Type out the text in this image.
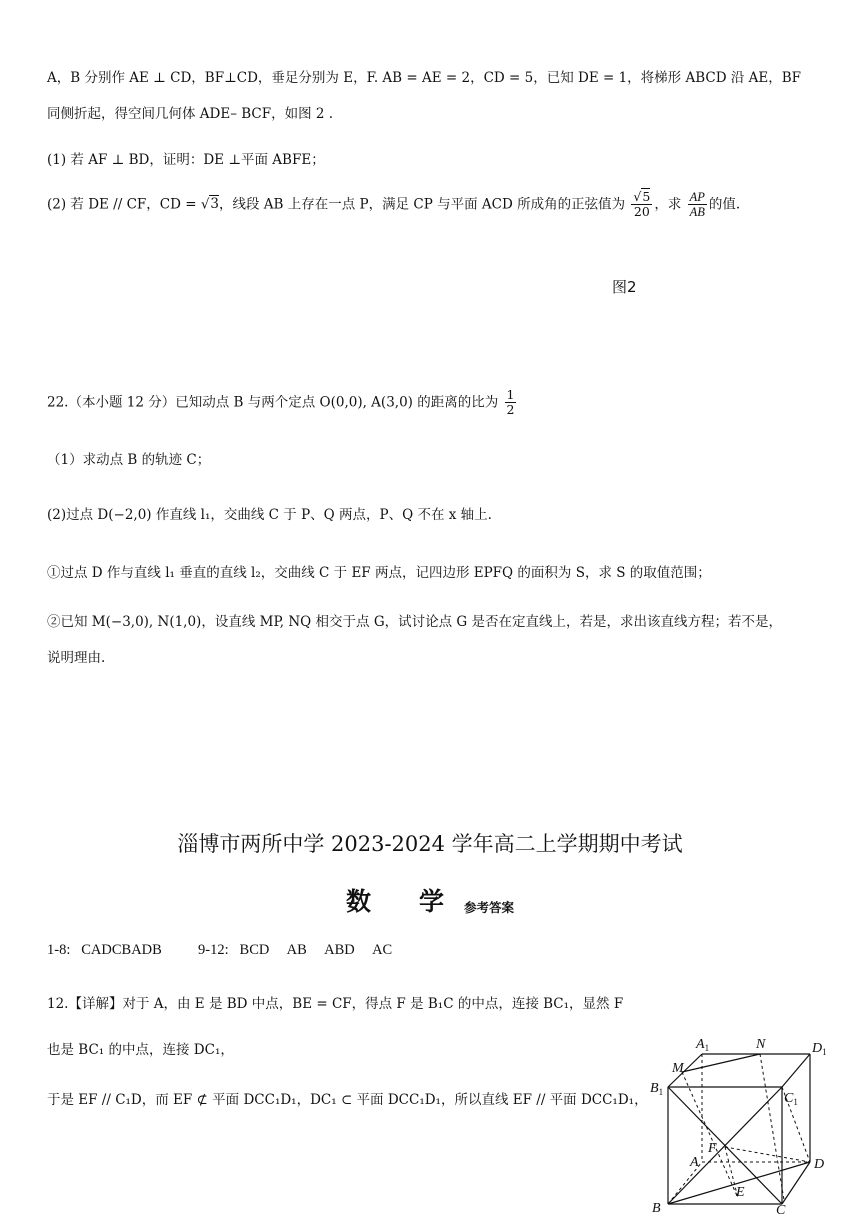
A，B 分别作 AE ⊥ CD，BF⊥CD，垂足分别为 E，F. AB = AE = 2，CD = 5，已知 DE = 1，将梯形 ABCD 沿 AE，BF
同侧折起，得空间几何体 ADE– BCF，如图 2 .
(1) 若 AF ⊥ BD，证明：DE ⊥平面 ABFE；
(2) 若 DE // CF，CD = √3，线段 AB 上存在一点 P，满足 CP 与平面 ACD 所成角的正弦值为 $\frac{√5}{20}$ ，求 $\frac{AP}{AB}$ 的值.
图2
22.（本小题 12 分）已知动点 B 与两个定点 O(0,0), A(3,0) 的距离的比为 $\frac{1}{2}$
（1）求动点 B 的轨迹 C；
(2)过点 D(−2,0) 作直线 l₁，交曲线 C 于 P、Q 两点，P、Q 不在 x 轴上.
①过点 D 作与直线 l₁ 垂直的直线 l₂，交曲线 C 于 EF 两点，记四边形 EPFQ 的面积为 S，求 S 的取值范围；
②已知 M(−3,0), N(1,0)，设直线 MP, NQ 相交于点 G，试讨论点 G 是否在定直线上，若是，求出该直线方程；若不是，
说明理由.
淄博市两所中学 2023-2024 学年高二上学期期中考试
数 学 参考答案
1-8:   CADCBADB          9-12:   BCD     AB     ABD     AC
12.【详解】对于 A，由 E 是 BD 中点，BE = CF，得点 F 是 B₁C 的中点，连接 BC₁，显然 F
也是 BC₁ 的中点，连接 DC₁，
于是 EF // C₁D，而 EF ⊄ 平面 DCC₁D₁，DC₁ ⊂ 平面 DCC₁D₁，所以直线 EF // 平面 DCC₁D₁，
$A_1$	N	$D_1$
M
$B_1$	$C_1$
F
A	D
E
B	C
